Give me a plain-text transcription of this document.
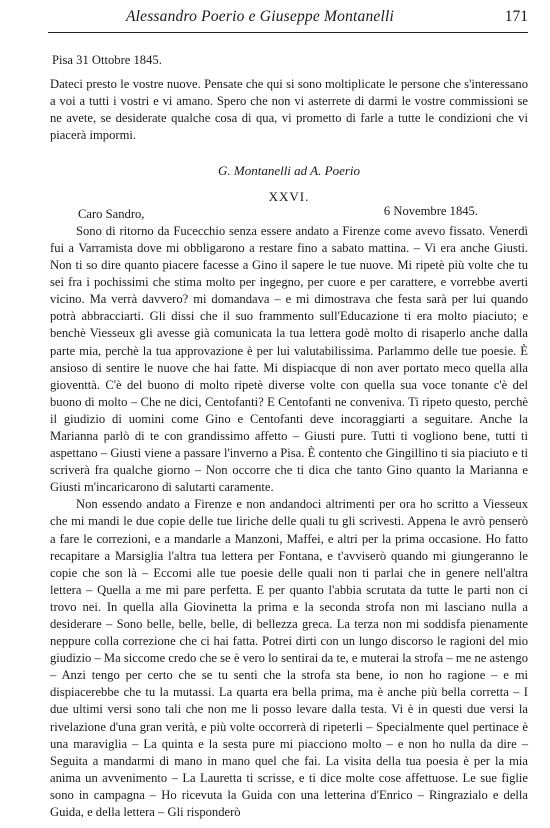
Alessandro Poerio e Giuseppe Montanelli	171

Pisa 31 Ottobre 1845.

Dateci presto le vostre nuove. Pensate che qui si sono moltiplicate le persone che s'interessano a voi a tutti i vostri e vi amano. Spero che non vi asterrete di darmi le vostre commissioni se ne avete, se desiderate qualche cosa di qua, vi prometto di farle a tutte le condizioni che vi piacerà impormi.

G. Montanelli ad A. Poerio

XXVI.

6 Novembre 1845.

Caro Sandro,

Sono di ritorno da Fucecchio senza essere andato a Firenze come avevo fissato. Venerdì fui a Varramista dove mi obbligarono a restare fino a sabato mattina. – Vi era anche Giusti. Non ti so dire quanto piacere facesse a Gino il sapere le tue nuove. Mi ripetè più volte che tu sei fra i pochissimi che stima molto per ingegno, per cuore e per carattere, e vorrebbe averti vicino. Ma verrà davvero? mi domandava – e mi dimostrava che festa sarà per lui quando potrà abbracciarti. Gli dissi che il suo frammento sull'Educazione ti era molto piaciuto; e benchè Viesseux gli avesse già comunicata la tua lettera godè molto di risaperlo anche dalla parte mia, perchè la tua approvazione è per lui valutabilissima. Parlammo delle tue poesie. È ansioso di sentire le nuove che hai fatte. Mi dispiacque di non aver portato meco quella alla gioventtà. C'è del buono di molto ripetè diverse volte con quella sua voce tonante c'è del buono di molto – Che ne dici, Centofanti? E Centofanti ne conveniva. Ti ripeto questo, perchè il giudizio di uomini come Gino e Centofanti deve incoraggiarti a seguitare. Anche la Marianna parlò di te con grandissimo affetto – Giusti pure. Tutti ti vogliono bene, tutti ti aspettano – Giusti viene a passare l'inverno a Pisa. È contento che Gingillino ti sia piaciuto e ti scriverà fra qualche giorno – Non occorre che ti dica che tanto Gino quanto la Marianna e Giusti m'incaricarono di salutarti caramente.

Non essendo andato a Firenze e non andandoci altrimenti per ora ho scritto a Viesseux che mi mandi le due copie delle tue liriche delle quali tu gli scrivesti. Appena le avrò penserò a fare le correzioni, e a mandarle a Manzoni, Maffei, e altri per la prima occasione. Ho fatto recapitare a Marsiglia l'altra tua lettera per Fontana, e t'avviserò quando mi giungeranno le copie che son là – Eccomi alle tue poesie delle quali non ti parlai che in genere nell'altra lettera – Quella a me mi pare perfetta. E per quanto l'abbia scrutata da tutte le parti non ci trovo nei. In quella alla Giovinetta la prima e la seconda strofa non mi lasciano nulla a desiderare – Sono belle, belle, belle, di bellezza greca. La terza non mi soddisfa pienamente neppure colla correzione che ci hai fatta. Potrei dirti con un lungo discorso le ragioni del mio giudizio – Ma siccome credo che se è vero lo sentirai da te, e muterai la strofa – me ne astengo – Anzi tengo per certo che se tu senti che la strofa sta bene, io non ho ragione – e mi dispiacerebbe che tu la mutassi. La quarta era bella prima, ma è anche più bella corretta – I due ultimi versi sono tali che non me li posso levare dalla testa. Vi è in questi due versi la rivelazione d'una gran verità, e più volte occorrerà di ripeterli – Specialmente quel pertinace è una maraviglia – La quinta e la sesta pure mi piacciono molto – e non ho nulla da dire – Seguita a mandarmi di mano in mano quel che fai. La visita della tua poesia è per la mia anima un avvenimento – La Lauretta ti scrisse, e ti dice molte cose affettuose. Le sue figlie sono in campagna – Ho ricevuta la Guida con una letterina d'Enrico – Ringrazialo e della Guida, e della lettera – Gli risponderò
